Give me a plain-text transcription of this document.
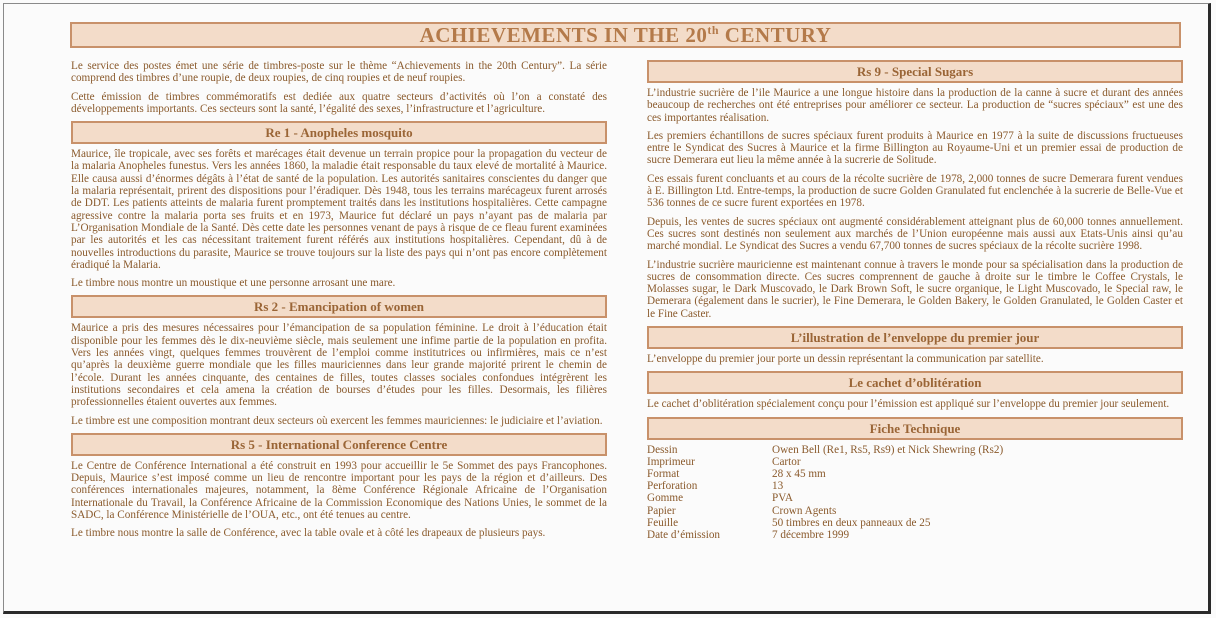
ACHIEVEMENTS IN THE 20th CENTURY

Le service des postes émet une série de timbres-poste sur le thème “Achievements in the 20th Century”. La série comprend des timbres d’une roupie, de deux roupies, de cinq roupies et de neuf roupies.

Cette émission de timbres commémoratifs est dediée aux quatre secteurs d’activités où l’on a constaté des développements importants. Ces secteurs sont la santé, l’égalité des sexes, l’infrastructure et l’agriculture.

Re 1 - Anopheles mosquito

Maurice, île tropicale, avec ses forêts et marécages était devenue un terrain propice pour la propagation du vecteur de la malaria Anopheles funestus. Vers les années 1860, la maladie était responsable du taux elevé de mortalité à Maurice. Elle causa aussi d’énormes dégâts à l’état de santé de la population. Les autorités sanitaires conscientes du danger que la malaria représentait, prirent des dispositions pour l’éradiquer. Dès 1948, tous les terrains marécageux furent arrosés de DDT. Les patients atteints de malaria furent promptement traités dans les institutions hospitalières. Cette campagne agressive contre la malaria porta ses fruits et en 1973, Maurice fut déclaré un pays n’ayant pas de malaria par L’Organisation Mondiale de la Santé. Dès cette date les personnes venant de pays à risque de ce fleau furent examinées par les autorités et les cas nécessitant traitement furent référés aux institutions hospitalières. Cependant, dû à de nouvelles introductions du parasite, Maurice se trouve toujours sur la liste des pays qui n’ont pas encore complètement éradiqué la Malaria.

Le timbre nous montre un moustique et une personne arrosant une mare.

Rs 2 - Emancipation of women

Maurice a pris des mesures nécessaires pour l’émancipation de sa population féminine. Le droit à l’éducation était disponible pour les femmes dès le dix-neuvième siècle, mais seulement une infime partie de la population en profita. Vers les années vingt, quelques femmes trouvèrent de l’emploi comme institutrices ou infirmières, mais ce n’est qu’après la deuxième guerre mondiale que les filles mauriciennes dans leur grande majorité prirent le chemin de l’école. Durant les années cinquante, des centaines de filles, toutes classes sociales confondues intégrèrent les institutions secondaires et cela amena la création de bourses d’études pour les filles. Desormais, les filières professionnelles étaient ouvertes aux femmes.

Le timbre est une composition montrant deux secteurs où exercent les femmes mauriciennes: le judiciaire et l’aviation.

Rs 5 - International Conference Centre

Le Centre de Conférence International a été construit en 1993 pour accueillir le 5e Sommet des pays Francophones. Depuis, Maurice s’est imposé comme un lieu de rencontre important pour les pays de la région et d’ailleurs. Des conférences internationales majeures, notamment, la 8ème Conférence Régionale Africaine de l’Organisation Internationale du Travail, la Conférence Africaine de la Commission Economique des Nations Unies, le sommet de la SADC, la Conférence Ministérielle de l’OUA, etc., ont été tenues au centre.

Le timbre nous montre la salle de Conférence, avec la table ovale et à côté les drapeaux de plusieurs pays.

Rs 9 - Special Sugars

L’industrie sucrière de l’ile Maurice a une longue histoire dans la production de la canne à sucre et durant des années beaucoup de recherches ont été entreprises pour améliorer ce secteur. La production de “sucres spéciaux” est une des ces importantes réalisation.

Les premiers échantillons de sucres spéciaux furent produits à Maurice en 1977 à la suite de discussions fructueuses entre le Syndicat des Sucres à Maurice et la firme Billington au Royaume-Uni et un premier essai de production de sucre Demerara eut lieu la même année à la sucrerie de Solitude.

Ces essais furent concluants et au cours de la récolte sucrière de 1978, 2,000 tonnes de sucre Demerara furent vendues à E. Billington Ltd. Entre-temps, la production de sucre Golden Granulated fut enclenchée à la sucrerie de Belle-Vue et 536 tonnes de ce sucre furent exportées en 1978.

Depuis, les ventes de sucres spéciaux ont augmenté considérablement atteignant plus de 60,000 tonnes annuellement. Ces sucres sont destinés non seulement aux marchés de l’Union européenne mais aussi aux Etats-Unis ainsi qu’au marché mondial. Le Syndicat des Sucres a vendu 67,700 tonnes de sucres spéciaux de la récolte sucrière 1998.

L’industrie sucrière mauricienne est maintenant connue à travers le monde pour sa spécialisation dans la production de sucres de consommation directe. Ces sucres comprennent de gauche à droite sur le timbre le Coffee Crystals, le Molasses sugar, le Dark Muscovado, le Dark Brown Soft, le sucre organique, le Light Muscovado, le Special raw, le Demerara (également dans le sucrier), le Fine Demerara, le Golden Bakery, le Golden Granulated, le Golden Caster et le Fine Caster.

L’illustration de l’enveloppe du premier jour

L’enveloppe du premier jour porte un dessin représentant la communication par satellite.

Le cachet d’oblitération

Le cachet d’oblitération spécialement conçu pour l’émission est appliqué sur l’enveloppe du premier jour seulement.

Fiche Technique
Dessin	Owen Bell (Re1, Rs5, Rs9) et Nick Shewring (Rs2)
Imprimeur	Cartor
Format	28 x 45 mm
Perforation	13
Gomme	PVA
Papier	Crown Agents
Feuille	50 timbres en deux panneaux de 25
Date d’émission	7 décembre 1999
